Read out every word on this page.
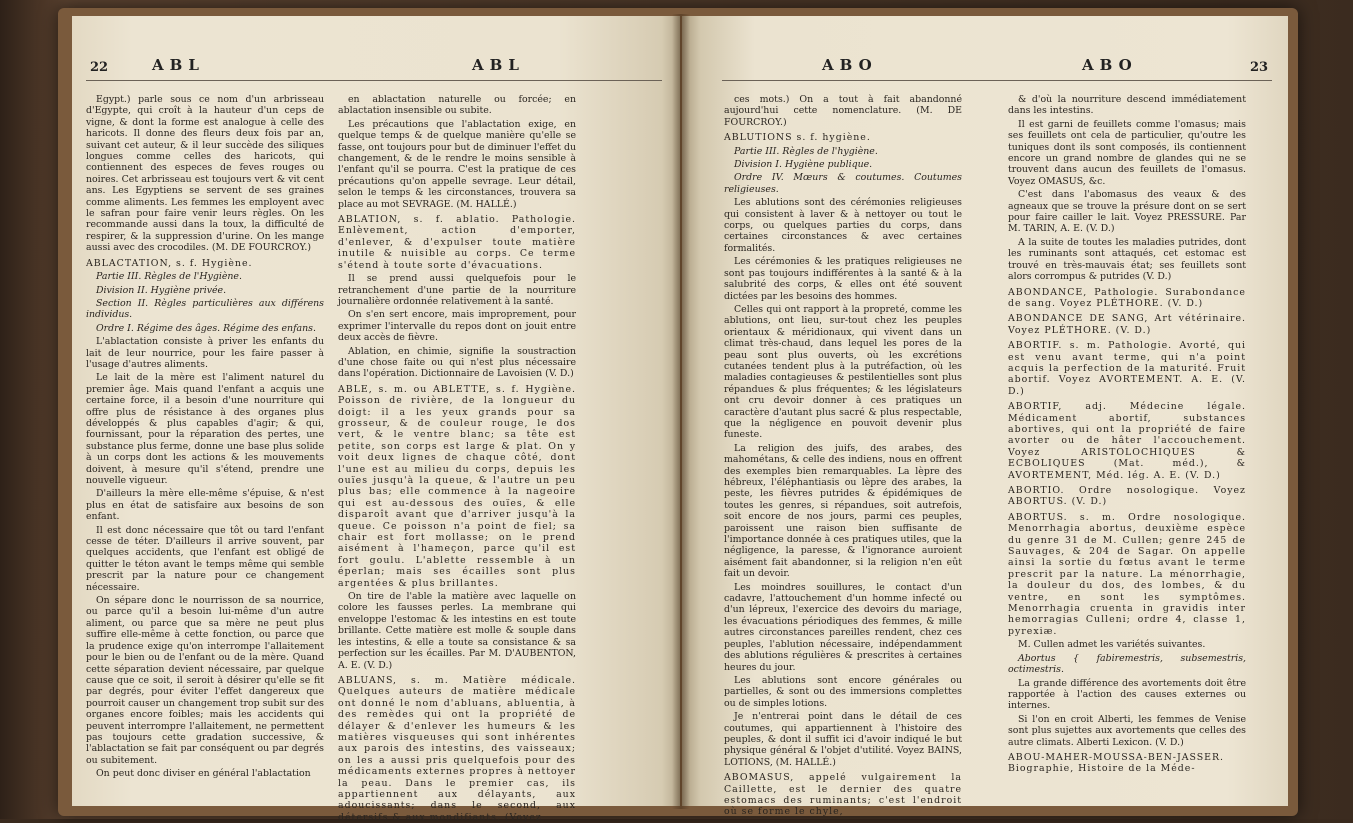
22	ABL	ABL

Egypt.) parle sous ce nom d'un arbrisseau d'Egypte, qui croît à la hauteur d'un ceps de vigne, & dont la forme est analogue à celle des haricots. Il donne des fleurs deux fois par an, suivant cet auteur, & il leur succède des siliques longues comme celles des haricots, qui contiennent des especes de feves rouges ou noires. Cet arbrisseau est toujours vert & vit cent ans. Les Egyptiens se servent de ses graines comme aliments. Les femmes les employent avec le safran pour faire venir leurs règles. On les recommande aussi dans la toux, la difficulté de respirer, & la suppression d'urine. On les mange aussi avec des crocodiles. (M. DE FOURCROY.)

ABLACTATION, s. f. Hygiène.

Partie III. Règles de l'Hygiène.

Division II. Hygiène privée.

Section II. Règles particulières aux différens individus.

Ordre I. Régime des âges. Régime des enfans.

L'ablactation consiste à priver les enfants du lait de leur nourrice, pour les faire passer à l'usage d'autres aliments.

Le lait de la mère est l'aliment naturel du premier âge. Mais quand l'enfant a acquis une certaine force, il a besoin d'une nourriture qui offre plus de résistance à des organes plus développés & plus capables d'agir; & qui, fournissant, pour la réparation des pertes, une substance plus ferme, donne une base plus solide à un corps dont les actions & les mouvements doivent, à mesure qu'il s'étend, prendre une nouvelle vigueur.

D'ailleurs la mère elle-même s'épuise, & n'est plus en état de satisfaire aux besoins de son enfant.

Il est donc nécessaire que tôt ou tard l'enfant cesse de téter. D'ailleurs il arrive souvent, par quelques accidents, que l'enfant est obligé de quitter le téton avant le temps même qui semble prescrit par la nature pour ce changement nécessaire.

On sépare donc le nourrisson de sa nourrice, ou parce qu'il a besoin lui-même d'un autre aliment, ou parce que sa mère ne peut plus suffire elle-même à cette fonction, ou parce que la prudence exige qu'on interrompe l'allaitement pour le bien ou de l'enfant ou de la mère. Quand cette séparation devient nécessaire, par quelque cause que ce soit, il seroit à désirer qu'elle se fit par degrés, pour éviter l'effet dangereux que pourroit causer un changement trop subit sur des organes encore foibles; mais les accidents qui peuvent interrompre l'allaitement, ne permettent pas toujours cette gradation successive, & l'ablactation se fait par conséquent ou par degrés ou subitement.

On peut donc diviser en général l'ablactation

en ablactation naturelle ou forcée; en ablactation insensible ou subite.

Les précautions que l'ablactation exige, en quelque temps & de quelque manière qu'elle se fasse, ont toujours pour but de diminuer l'effet du changement, & de le rendre le moins sensible à l'enfant qu'il se pourra. C'est la pratique de ces précautions qu'on appelle sevrage. Leur détail, selon le temps & les circonstances, trouvera sa place au mot SEVRAGE. (M. HALLÉ.)

ABLATION, s. f. ablatio. Pathologie. Enlèvement, action d'emporter, d'enlever, & d'expulser toute matière inutile & nuisible au corps. Ce terme s'étend à toute sorte d'évacuations.

Il se prend aussi quelquefois pour le retranchement d'une partie de la nourriture journalière ordonnée relativement à la santé.

On s'en sert encore, mais improprement, pour exprimer l'intervalle du repos dont on jouit entre deux accès de fièvre.

Ablation, en chimie, signifie la soustraction d'une chose faite ou qui n'est plus nécessaire dans l'opération. Dictionnaire de Lavoisien (V. D.)

ABLE, s. m. ou ABLETTE, s. f. Hygiène. Poisson de rivière, de la longueur du doigt: il a les yeux grands pour sa grosseur, & de couleur rouge, le dos vert, & le ventre blanc; sa tête est petite, son corps est large & plat. On y voit deux lignes de chaque côté, dont l'une est au milieu du corps, depuis les ouïes jusqu'à la queue, & l'autre un peu plus bas; elle commence à la nageoire qui est au-dessous des ouïes, & elle disparoît avant que d'arriver jusqu'à la queue. Ce poisson n'a point de fiel; sa chair est fort mollasse; on le prend aisément à l'hameçon, parce qu'il est fort goulu. L'ablette ressemble à un éperlan; mais ses écailles sont plus argentées & plus brillantes.

On tire de l'able la matière avec laquelle on colore les fausses perles. La membrane qui enveloppe l'estomac & les intestins en est toute brillante. Cette matière est molle & souple dans les intestins, & elle a toute sa consistance & sa perfection sur les écailles. Par M. D'AUBENTON, A. E. (V. D.)

ABLUANS, s. m. Matière médicale. Quelques auteurs de matière médicale ont donné le nom d'abluans, abluentia, à des remèdes qui ont la propriété de délayer & d'enlever les humeurs & les matières visqueuses qui sont inhérentes aux parois des intestins, des vaisseaux; on les a aussi pris quelquefois pour des médicaments externes propres à nettoyer la peau. Dans le premier cas, ils appartiennent aux délayants, aux adoucissants; dans le second, aux détersifs & aux mondifiants. (Voyez

ABO	ABO	23

ces mots.) On a tout à fait abandonné aujourd'hui cette nomenclature. (M. DE FOURCROY.)

ABLUTIONS s. f. hygiène.

Partie III. Règles de l'hygiène.

Division I. Hygiène publique.

Ordre IV. Mœurs & coutumes. Coutumes religieuses.

Les ablutions sont des cérémonies religieuses qui consistent à laver & à nettoyer ou tout le corps, ou quelques parties du corps, dans certaines circonstances & avec certaines formalités.

Les cérémonies & les pratiques religieuses ne sont pas toujours indifférentes à la santé & à la salubrité des corps, & elles ont été souvent dictées par les besoins des hommes.

Celles qui ont rapport à la propreté, comme les ablutions, ont lieu, sur-tout chez les peuples orientaux & méridionaux, qui vivent dans un climat très-chaud, dans lequel les pores de la peau sont plus ouverts, où les excrétions cutanées tendent plus à la putréfaction, où les maladies contagieuses & pestilentielles sont plus répandues & plus fréquentes; & les législateurs ont cru devoir donner à ces pratiques un caractère d'autant plus sacré & plus respectable, que la négligence en pouvoit devenir plus funeste.

La religion des juifs, des arabes, des mahométans, & celle des indiens, nous en offrent des exemples bien remarquables. La lèpre des hébreux, l'éléphantiasis ou lèpre des arabes, la peste, les fièvres putrides & épidémiques de toutes les genres, si répandues, soit autrefois, soit encore de nos jours, parmi ces peuples, paroissent une raison bien suffisante de l'importance donnée à ces pratiques utiles, que la négligence, la paresse, & l'ignorance auroient aisément fait abandonner, si la religion n'en eût fait un devoir.

Les moindres souillures, le contact d'un cadavre, l'attouchement d'un homme infecté ou d'un lépreux, l'exercice des devoirs du mariage, les évacuations périodiques des femmes, & mille autres circonstances pareilles rendent, chez ces peuples, l'ablution nécessaire, indépendamment des ablutions régulières & prescrites à certaines heures du jour.

Les ablutions sont encore générales ou partielles, & sont ou des immersions complettes ou de simples lotions.

Je n'entrerai point dans le détail de ces coutumes, qui appartiennent à l'histoire des peuples, & dont il suffit ici d'avoir indiqué le but physique général & l'objet d'utilité. Voyez BAINS, LOTIONS, (M. HALLÉ.)

ABOMASUS, appelé vulgairement la Caillette, est le dernier des quatre estomacs des ruminants; c'est l'endroit où se forme le chyle,

& d'où la nourriture descend immédiatement dans les intestins.

Il est garni de feuillets comme l'omasus; mais ses feuillets ont cela de particulier, qu'outre les tuniques dont ils sont composés, ils contiennent encore un grand nombre de glandes qui ne se trouvent dans aucun des feuillets de l'omasus. Voyez OMASUS, &c.

C'est dans l'abomasus des veaux & des agneaux que se trouve la présure dont on se sert pour faire cailler le lait. Voyez PRESSURE. Par M. TARIN, A. E. (V. D.)

A la suite de toutes les maladies putrides, dont les ruminants sont attaqués, cet estomac est trouvé en très-mauvais état; ses feuillets sont alors corrompus & putrides (V. D.)

ABONDANCE, Pathologie. Surabondance de sang. Voyez PLÉTHORE. (V. D.)

ABONDANCE DE SANG, Art vétérinaire. Voyez PLÉTHORE. (V. D.)

ABORTIF. s. m. Pathologie. Avorté, qui est venu avant terme, qui n'a point acquis la perfection de la maturité. Fruit abortif. Voyez AVORTEMENT. A. E. (V. D.)

ABORTIF, adj. Médecine légale. Médicament abortif, substances abortives, qui ont la propriété de faire avorter ou de hâter l'accouchement. Voyez ARISTOLOCHIQUES & ECBOLIQUES (Mat. méd.), & AVORTEMENT, Méd. lég. A. E. (V. D.)

ABORTIO. Ordre nosologique. Voyez ABORTUS. (V. D.)

ABORTUS. s. m. Ordre nosologique. Menorrhagia abortus, deuxième espèce du genre 31 de M. Cullen; genre 245 de Sauvages, & 204 de Sagar. On appelle ainsi la sortie du fœtus avant le terme prescrit par la nature. La ménorrhagie, la douleur du dos, des lombes, & du ventre, en sont les symptômes. Menorrhagia cruenta in gravidis inter hemorragias Culleni; ordre 4, classe 1, pyrexiæ.

M. Cullen admet les variétés suivantes.

Abortus { fabiremestris, subsemestris, octimestris.

La grande différence des avortements doit être rapportée à l'action des causes externes ou internes.

Si l'on en croit Alberti, les femmes de Venise sont plus sujettes aux avortements que celles des autre climats. Alberti Lexicon. (V. D.)

ABOU-MAHER-MOUSSA-BEN-JASSER. Biographie, Histoire de la Méde-
